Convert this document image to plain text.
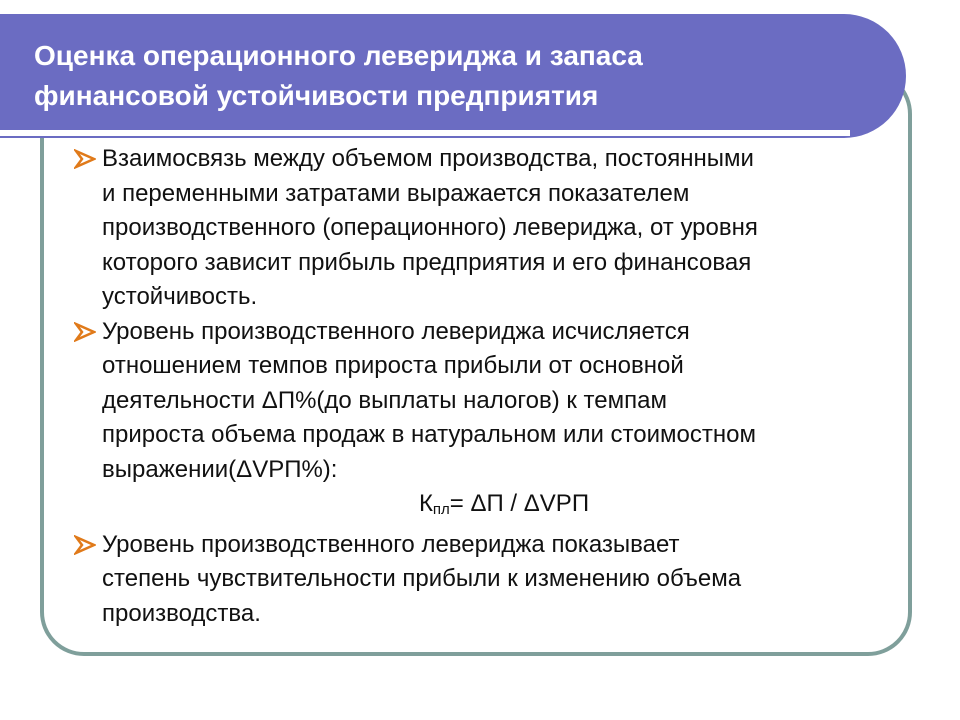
Оценка операционного левериджа и запаса
финансовой устойчивости предприятия
Взаимосвязь между объемом производства, постоянными
и переменными затратами выражается показателем
производственного (операционного) левериджа, от уровня
которого зависит прибыль предприятия и его финансовая
устойчивость.
Уровень производственного левериджа исчисляется
отношением темпов прироста прибыли от основной
деятельности ΔП%(до выплаты налогов) к темпам
прироста объема продаж в натуральном или стоимостном
выражении(ΔVРП%):
$К_{пл}= \Delta П / \Delta VРП$
Уровень производственного левериджа показывает
степень чувствительности прибыли к изменению объема
производства.
